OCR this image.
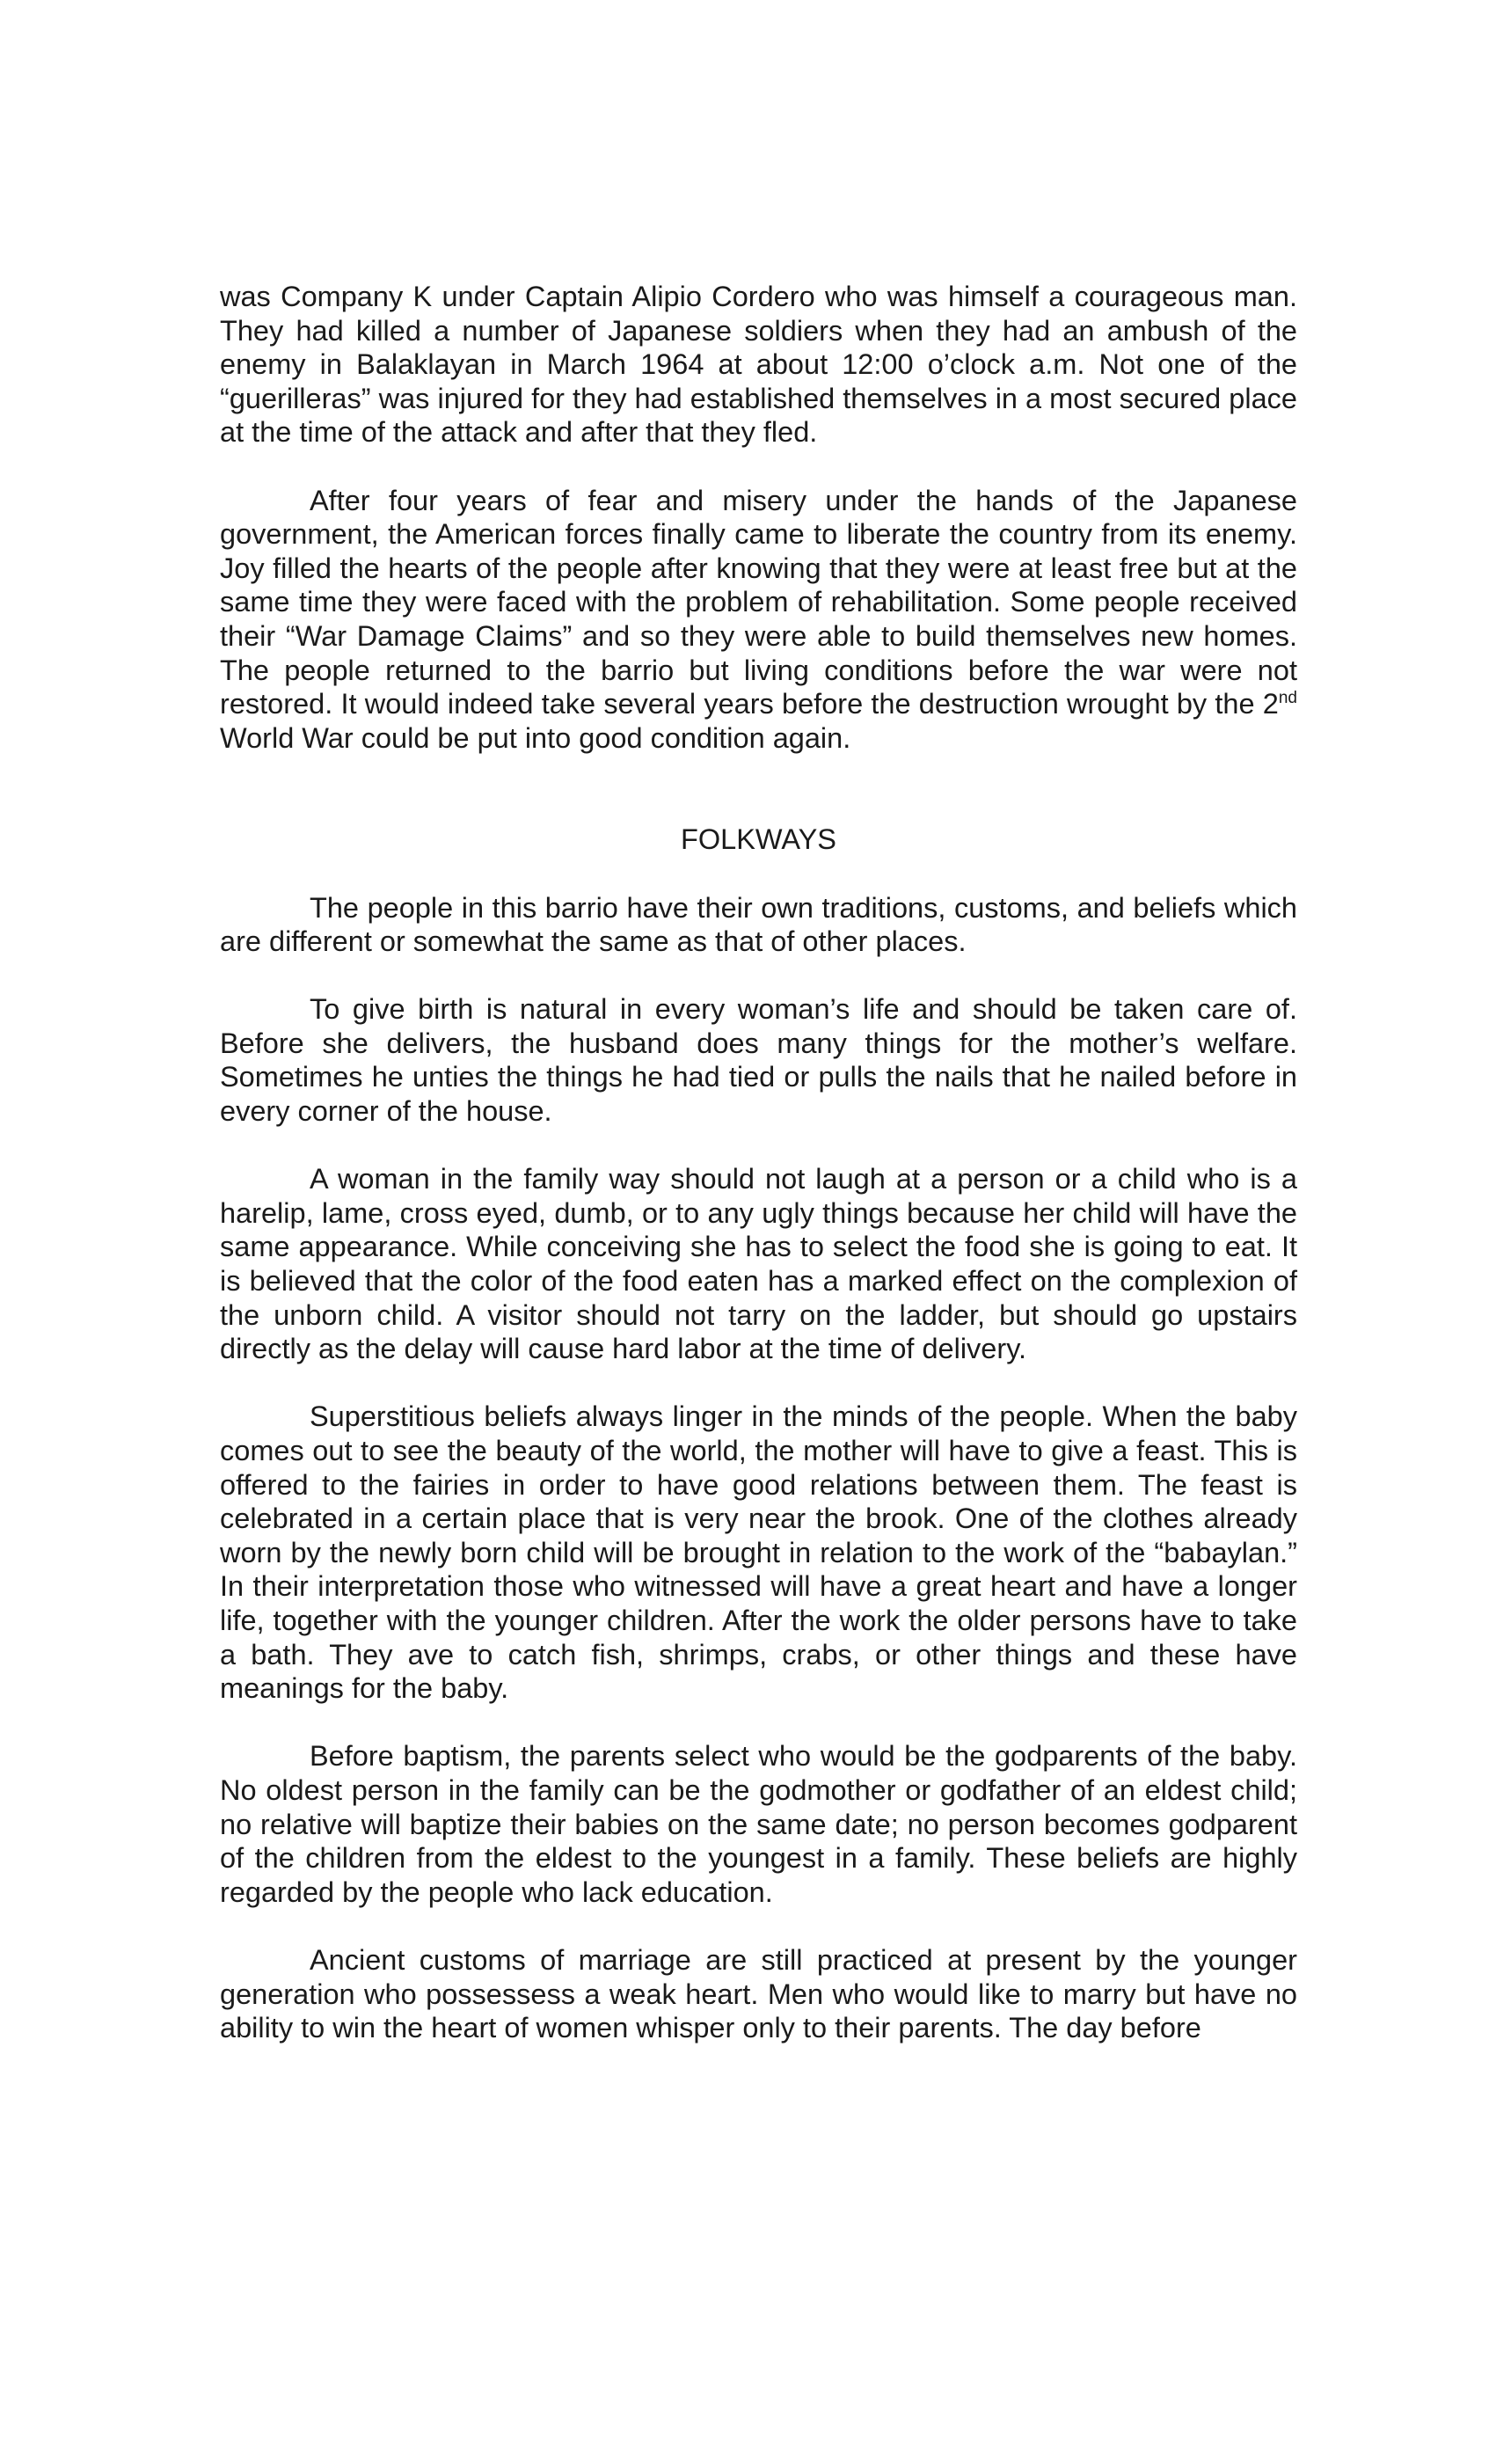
was Company K under Captain Alipio Cordero who was himself a courageous man. They had killed a number of Japanese soldiers when they had an ambush of the enemy in Balaklayan in March 1964 at about 12:00 o’clock a.m. Not one of the “guerilleras” was injured for they had established themselves in a most secured place at the time of the attack and after that they fled.

After four years of fear and misery under the hands of the Japanese government, the American forces finally came to liberate the country from its enemy. Joy filled the hearts of the people after knowing that they were at least free but at the same time they were faced with the problem of rehabilitation. Some people received their “War Damage Claims” and so they were able to build themselves new homes. The people returned to the barrio but living conditions before the war were not restored. It would indeed take several years before the destruction wrought by the 2nd World War could be put into good condition again.

FOLKWAYS

The people in this barrio have their own traditions, customs, and beliefs which are different or somewhat the same as that of other places.

To give birth is natural in every woman’s life and should be taken care of. Before she delivers, the husband does many things for the mother’s welfare. Sometimes he unties the things he had tied or pulls the nails that he nailed before in every corner of the house.

A woman in the family way should not laugh at a person or a child who is a harelip, lame, cross eyed, dumb, or to any ugly things because her child will have the same appearance. While conceiving she has to select the food she is going to eat. It is believed that the color of the food eaten has a marked effect on the complexion of the unborn child. A visitor should not tarry on the ladder, but should go upstairs directly as the delay will cause hard labor at the time of delivery.

Superstitious beliefs always linger in the minds of the people. When the baby comes out to see the beauty of the world, the mother will have to give a feast. This is offered to the fairies in order to have good relations between them. The feast is celebrated in a certain place that is very near the brook. One of the clothes already worn by the newly born child will be brought in relation to the work of the “babaylan.” In their interpretation those who witnessed will have a great heart and have a longer life, together with the younger children. After the work the older persons have to take a bath. They ave to catch fish, shrimps, crabs, or other things and these have meanings for the baby.

Before baptism, the parents select who would be the godparents of the baby. No oldest person in the family can be the godmother or godfather of an eldest child; no relative will baptize their babies on the same date; no person becomes godparent of the children from the eldest to the youngest in a family. These beliefs are highly regarded by the people who lack education.

Ancient customs of marriage are still practiced at present by the younger generation who possessess a weak heart. Men who would like to marry but have no ability to win the heart of women whisper only to their parents. The day before
